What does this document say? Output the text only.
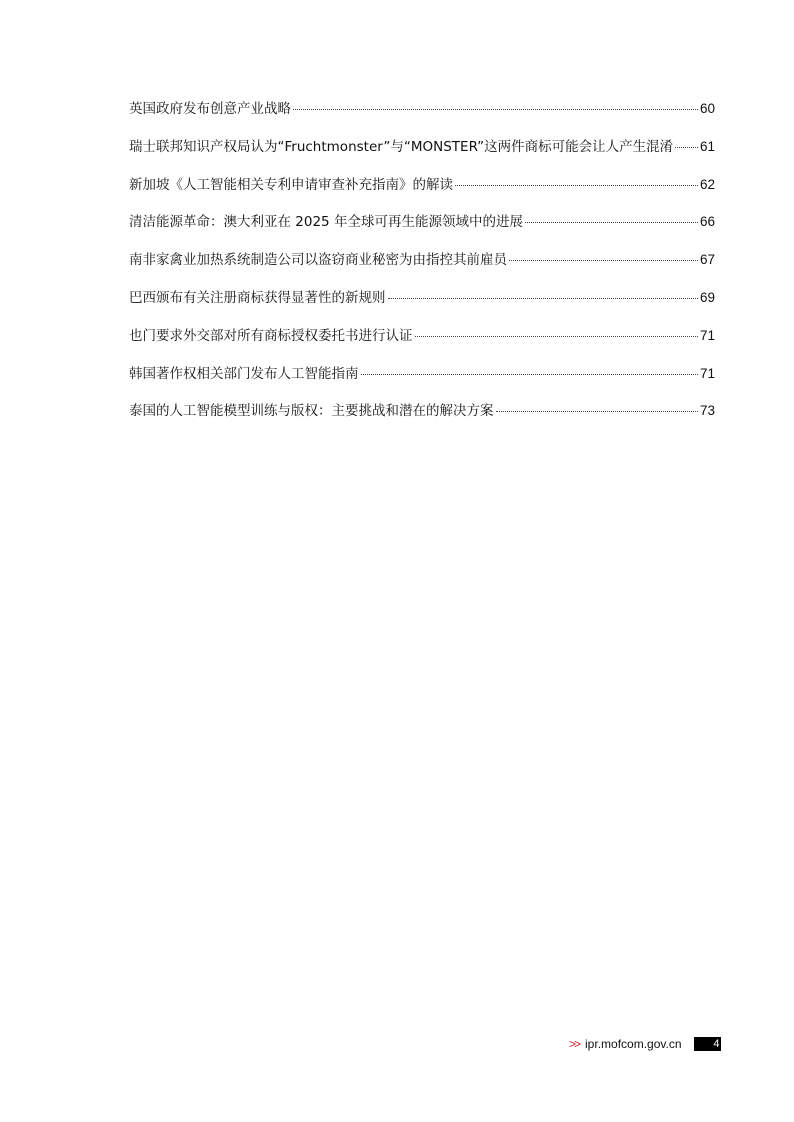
英国政府发布创意产业战略	60
瑞士联邦知识产权局认为“Fruchtmonster”与“MONSTER”这两件商标可能会让人产生混淆 61
新加坡《人工智能相关专利申请审查补充指南》的解读	62
清洁能源革命：澳大利亚在 2025 年全球可再生能源领域中的进展	66
南非家禽业加热系统制造公司以盗窃商业秘密为由指控其前雇员	67
巴西颁布有关注册商标获得显著性的新规则	69
也门要求外交部对所有商标授权委托书进行认证	71
韩国著作权相关部门发布人工智能指南	71
泰国的人工智能模型训练与版权：主要挑战和潜在的解决方案	73
>> ipr.mofcom.gov.cn	4
